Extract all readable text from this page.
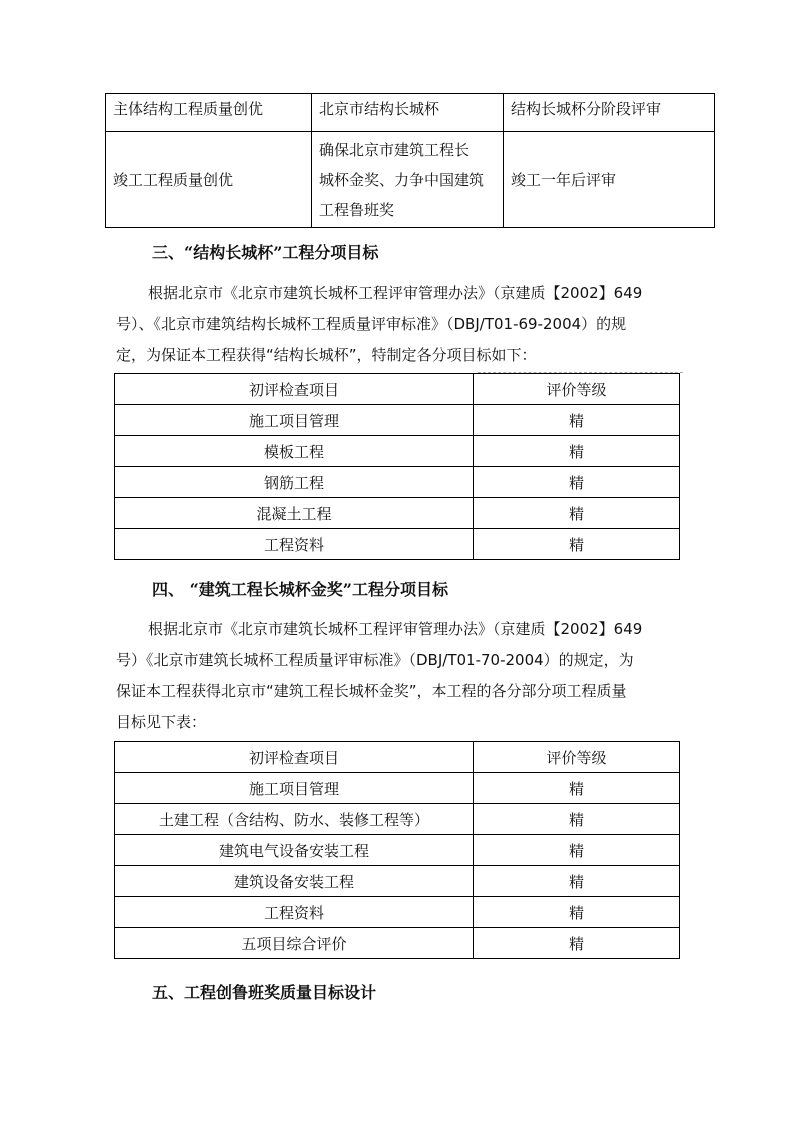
主体结构工程质量创优	北京市结构长城杯	结构长城杯分阶段评审
竣工工程质量创优	确保北京市建筑工程长
城杯金奖、力争中国建筑
工程鲁班奖	竣工一年后评审
三、“结构长城杯”工程分项目标
根据北京市《北京市建筑长城杯工程评审管理办法》（京建质【2002】649
号）、《北京市建筑结构长城杯工程质量评审标准》（DBJ/T01-69-2004）的规
定，为保证本工程获得“结构长城杯”，特制定各分项目标如下：
初评检查项目	评价等级
施工项目管理	精
模板工程	精
钢筋工程	精
混凝土工程	精
工程资料	精
四、 “建筑工程长城杯金奖”工程分项目标
根据北京市《北京市建筑长城杯工程评审管理办法》（京建质【2002】649
号）《北京市建筑长城杯工程质量评审标准》（DBJ/T01-70-2004）的规定，为
保证本工程获得北京市“建筑工程长城杯金奖”，本工程的各分部分项工程质量
目标见下表：
初评检查项目	评价等级
施工项目管理	精
土建工程（含结构、防水、装修工程等）	精
建筑电气设备安装工程	精
建筑设备安装工程	精
工程资料	精
五项目综合评价	精
五、工程创鲁班奖质量目标设计
